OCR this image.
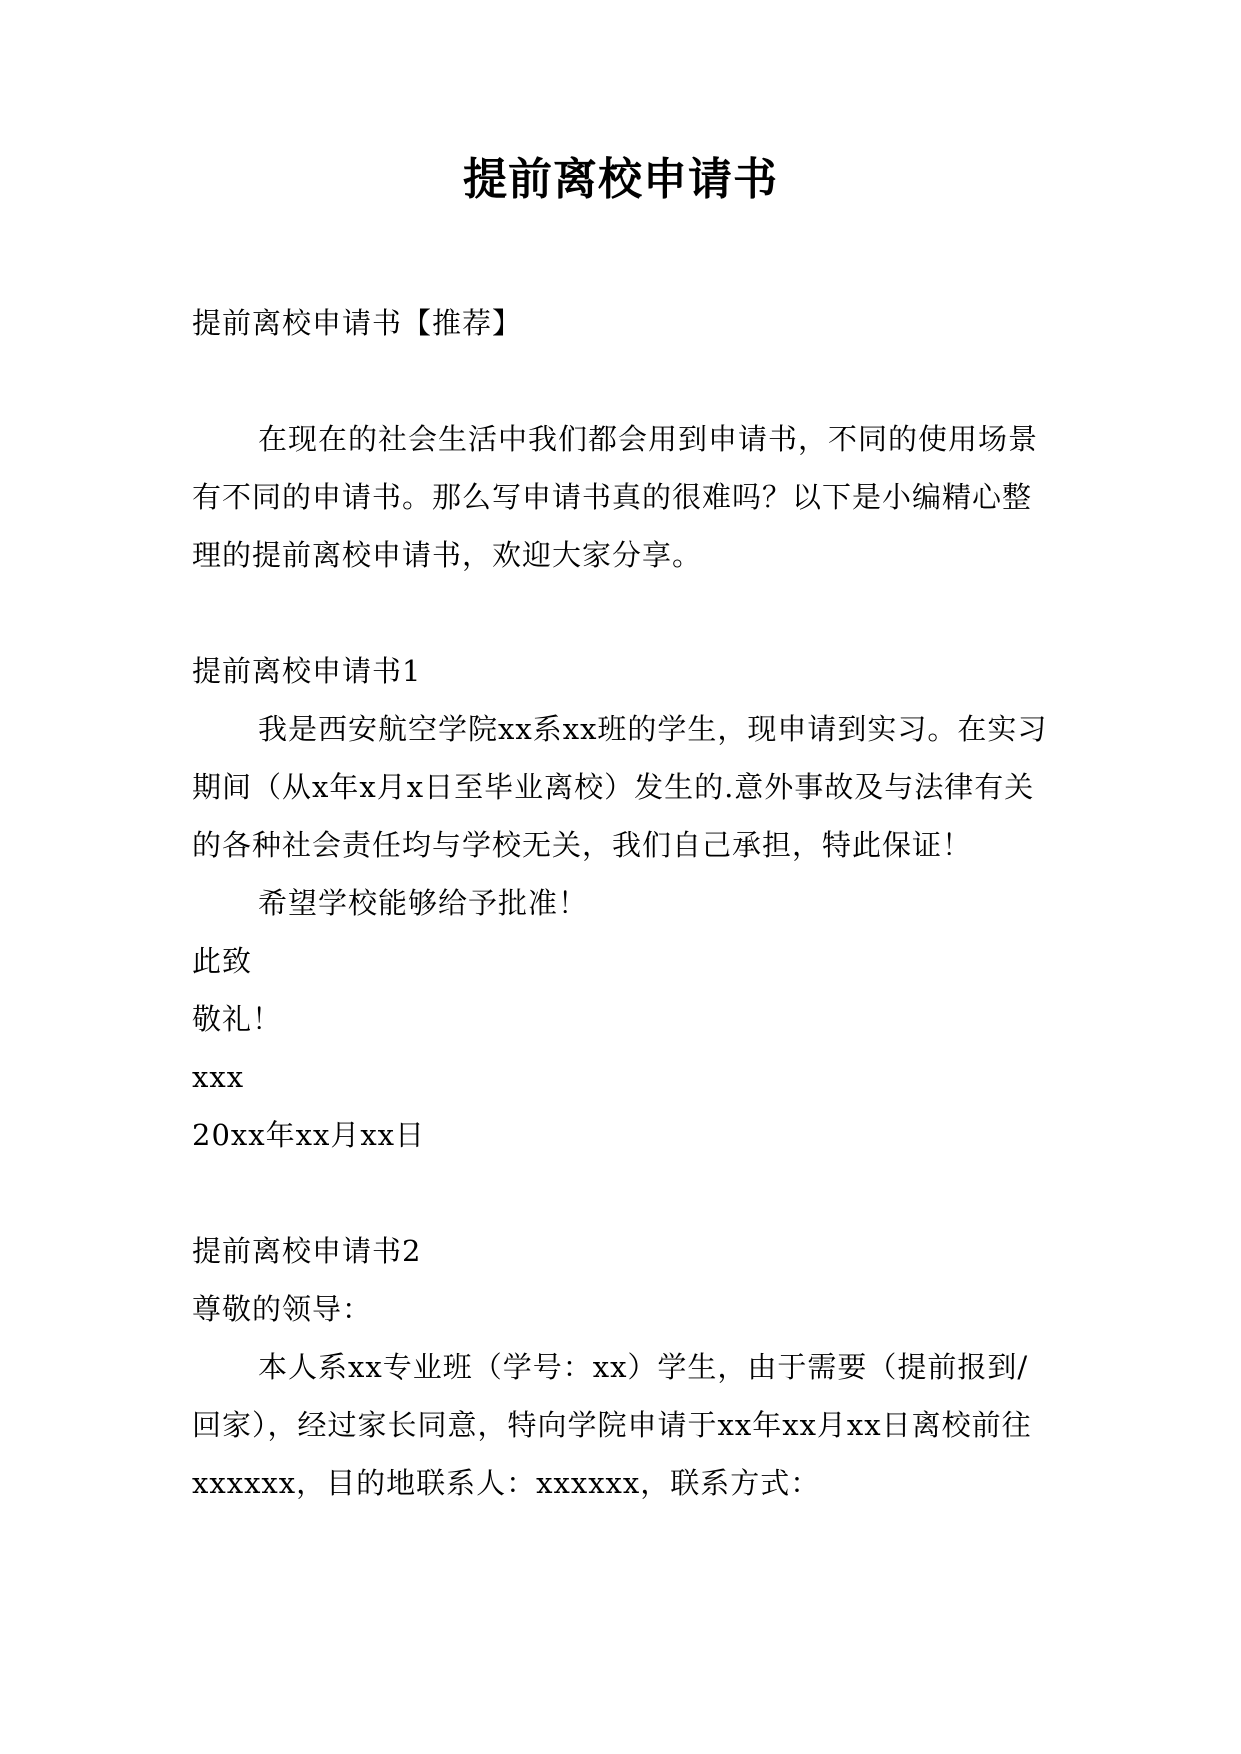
提前离校申请书

提前离校申请书【推荐】

在现在的社会生活中我们都会用到申请书，不同的使用场景有不同的申请书。那么写申请书真的很难吗？以下是小编精心整理的提前离校申请书，欢迎大家分享。

提前离校申请书1

我是西安航空学院xx系xx班的学生，现申请到实习。在实习期间（从x年x月x日至毕业离校）发生的.意外事故及与法律有关的各种社会责任均与学校无关，我们自己承担，特此保证！

希望学校能够给予批准！

此致

敬礼！

xxx

20xx年xx月xx日

提前离校申请书2

尊敬的领导：

本人系xx专业班（学号：xx）学生，由于需要（提前报到/回家），经过家长同意，特向学院申请于xx年xx月xx日离校前往xxxxxx，目的地联系人：xxxxxx，联系方式：
